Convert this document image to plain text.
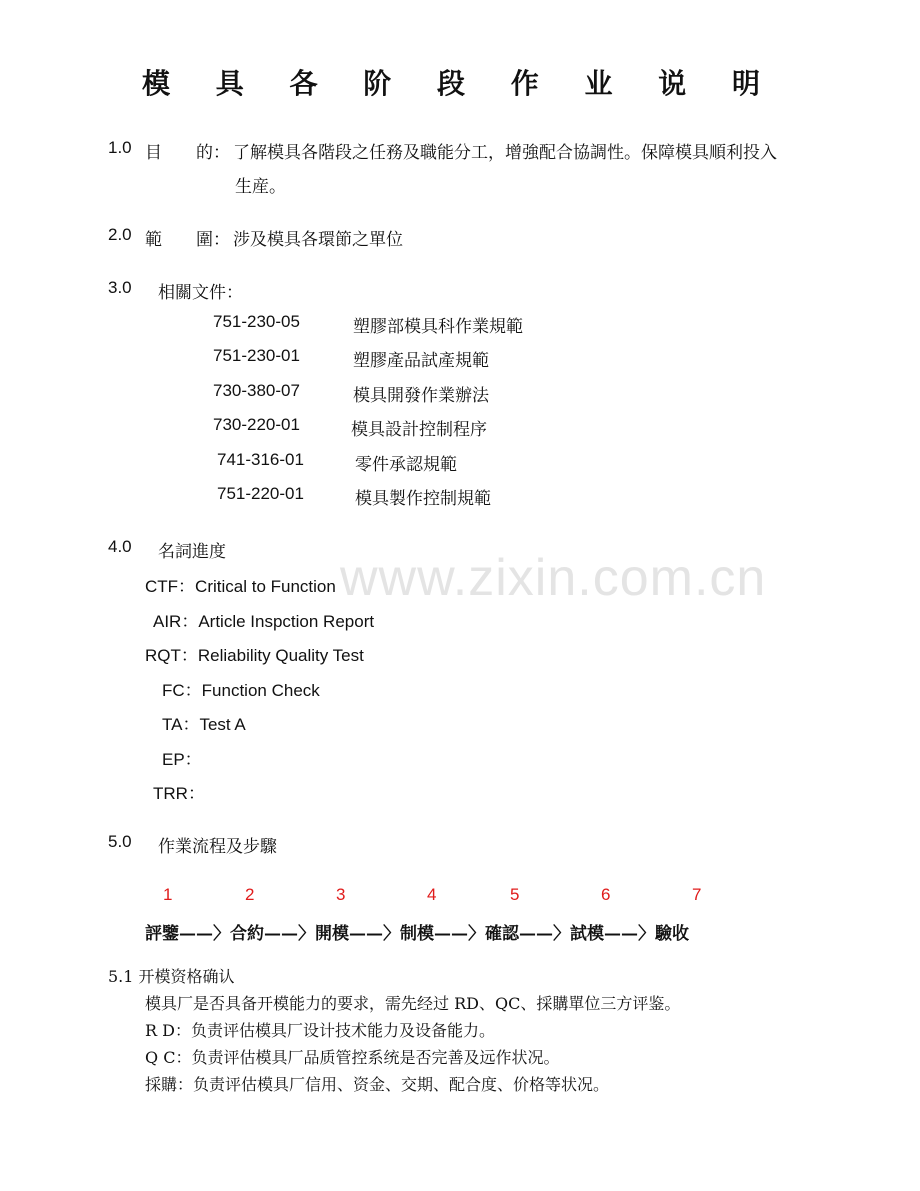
www.zixin.com.cn
模 具 各 阶 段 作 业 说 明
1.0 目　　的： 了解模具各階段之任務及職能分工，增強配合協調性。保障模具順利投入
生産。
2.0 範　　圍： 涉及模具各環節之單位
3.0 相關文件：
751-230-05	塑膠部模具科作業規範
751-230-01	塑膠產品試產規範
730-380-07	模具開發作業辦法
730-220-01	模具設計控制程序
741-316-01	零件承認規範
751-220-01	模具製作控制規範
4.0 名詞進度
CTF：Critical to Function
AIR：Article Inspction Report
RQT：Reliability Quality Test
FC：Function Check
TA：Test A
EP：
TRR：
5.0 作業流程及步驟
1	2	3	4	5	6	7
評鑒——〉合約——〉開模——〉制模——〉確認——〉試模——〉驗收
5.1 开模资格确认
模具厂是否具备开模能力的要求，需先经过 RD、QC、採購單位三方评鉴。
R D：负责评估模具厂设计技术能力及设备能力。
Q C：负责评估模具厂品质管控系统是否完善及远作状况。
採購：负责评估模具厂信用、资金、交期、配合度、价格等状况。
